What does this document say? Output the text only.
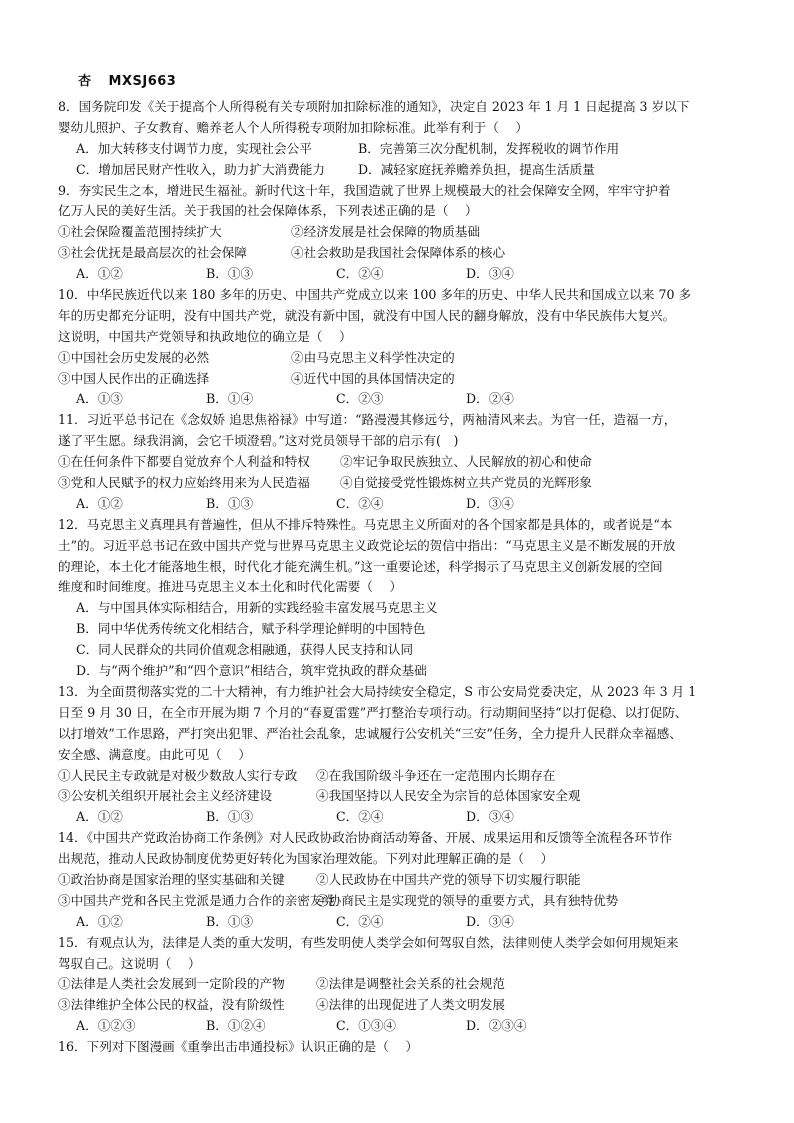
杏 MXSJ663
8．国务院印发《关于提高个人所得税有关专项附加扣除标准的通知》，决定自 2023 年 1 月 1 日起提高 3 岁以下
婴幼儿照护、子女教育、赡养老人个人所得税专项附加扣除标准。此举有利于（　 ）
A．加大转移支付调节力度，实现社会公平	B．完善第三次分配机制，发挥税收的调节作用
C．增加居民财产性收入，助力扩大消费能力	D．减轻家庭抚养赡养负担，提高生活质量
9．夯实民生之本，增进民生福祉。新时代这十年，我国造就了世界上规模最大的社会保障安全网，牢牢守护着
亿万人民的美好生活。关于我国的社会保障体系，下列表述正确的是（　 ）
①社会保险覆盖范围持续扩大	②经济发展是社会保障的物质基础
③社会优抚是最高层次的社会保障	④社会救助是我国社会保障体系的核心
A．①②	B．①③	C．②④	D．③④
10．中华民族近代以来 180 多年的历史、中国共产党成立以来 100 多年的历史、中华人民共和国成立以来 70 多
年的历史都充分证明，没有中国共产党，就没有新中国，就没有中国人民的翻身解放，没有中华民族伟大复兴。
这说明，中国共产党领导和执政地位的确立是（　 ）
①中国社会历史发展的必然	②由马克思主义科学性决定的
③中国人民作出的正确选择	④近代中国的具体国情决定的
A．①③	B．①④	C．②③	D．②④
11．习近平总书记在《念奴娇 追思焦裕禄》中写道：“路漫漫其修远兮，两袖清风来去。为官一任，造福一方，
遂了平生愿。绿我涓滴，会它千顷澄碧。”这对党员领导干部的启示有(　)
①在任何条件下都要自觉放弃个人利益和特权	②牢记争取民族独立、人民解放的初心和使命
③党和人民赋予的权力应始终用来为人民造福	④自觉接受党性锻炼树立共产党员的光辉形象
A．①②	B．①③	C．②④	D．③④
12．马克思主义真理具有普遍性，但从不排斥特殊性。马克思主义所面对的各个国家都是具体的，或者说是“本
土”的。习近平总书记在致中国共产党与世界马克思主义政党论坛的贺信中指出：“马克思主义是不断发展的开放
的理论，本土化才能落地生根，时代化才能充满生机。”这一重要论述，科学揭示了马克思主义创新发展的空间
维度和时间维度。推进马克思主义本土化和时代化需要（　 ）
A．与中国具体实际相结合，用新的实践经验丰富发展马克思主义
B．同中华优秀传统文化相结合，赋予科学理论鲜明的中国特色
C．同人民群众的共同价值观念相融通，获得人民支持和认同
D．与“两个维护”和“四个意识”相结合，筑牢党执政的群众基础
13．为全面贯彻落实党的二十大精神，有力维护社会大局持续安全稳定，S 市公安局党委决定，从 2023 年 3 月 1
日至 9 月 30 日，在全市开展为期 7 个月的“春夏雷霆”严打整治专项行动。行动期间坚持“以打促稳、以打促防、
以打增效”工作思路，严打突出犯罪、严治社会乱象，忠诚履行公安机关“三安”任务，全力提升人民群众幸福感、
安全感、满意度。由此可见（　 ）
①人民民主专政就是对极少数敌人实行专政	②在我国阶级斗争还在一定范围内长期存在
③公安机关组织开展社会主义经济建设	④我国坚持以人民安全为宗旨的总体国家安全观
A．①②	B．①③	C．②④	D．③④
14．《中国共产党政治协商工作条例》对人民政协政治协商活动筹备、开展、成果运用和反馈等全流程各环节作
出规范，推动人民政协制度优势更好转化为国家治理效能。下列对此理解正确的是（　 ）
①政治协商是国家治理的坚实基础和关键	②人民政协在中国共产党的领导下切实履行职能
③中国共产党和各民主党派是通力合作的亲密友党
④协商民主是实现党的领导的重要方式，具有独特优势
A．①②	B．①③	C．②④	D．③④
15．有观点认为，法律是人类的重大发明，有些发明使人类学会如何驾驭自然，法律则使人类学会如何用规矩来
驾驭自己。这说明（　 ）
①法律是人类社会发展到一定阶段的产物	②法律是调整社会关系的社会规范
③法律维护全体公民的权益，没有阶级性	④法律的出现促进了人类文明发展
A．①②③	B．①②④	C．①③④	D．②③④
16．下列对下图漫画《重拳出击串通投标》认识正确的是（　 ）
